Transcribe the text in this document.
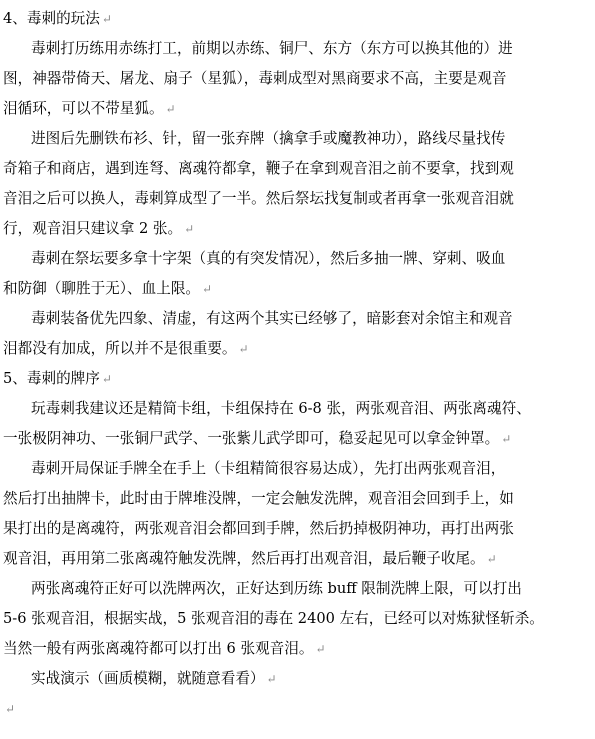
4、毒刺的玩法 ↵
毒刺打历练用赤练打工，前期以赤练、铜尸、东方（东方可以换其他的）进
图，神器带倚天、屠龙、扇子（星狐），毒刺成型对黑商要求不高，主要是观音
泪循环，可以不带星狐。 ↵
进图后先删铁布衫、针，留一张弃牌（擒拿手或魔教神功），路线尽量找传
奇箱子和商店，遇到连弩、离魂符都拿，鞭子在拿到观音泪之前不要拿，找到观
音泪之后可以换人，毒刺算成型了一半。然后祭坛找复制或者再拿一张观音泪就
行，观音泪只建议拿 2 张。 ↵
毒刺在祭坛要多拿十字架（真的有突发情况），然后多抽一牌、穿刺、吸血
和防御（聊胜于无）、血上限。 ↵
毒刺装备优先四象、清虚，有这两个其实已经够了，暗影套对余馆主和观音
泪都没有加成，所以并不是很重要。 ↵
5、毒刺的牌序 ↵
玩毒刺我建议还是精简卡组，卡组保持在 6-8 张，两张观音泪、两张离魂符、
一张极阴神功、一张铜尸武学、一张紫儿武学即可，稳妥起见可以拿金钟罩。 ↵
毒刺开局保证手牌全在手上（卡组精简很容易达成），先打出两张观音泪，
然后打出抽牌卡，此时由于牌堆没牌，一定会触发洗牌，观音泪会回到手上，如
果打出的是离魂符，两张观音泪会都回到手牌，然后扔掉极阴神功，再打出两张
观音泪，再用第二张离魂符触发洗牌，然后再打出观音泪，最后鞭子收尾。 ↵
两张离魂符正好可以洗牌两次，正好达到历练 buff 限制洗牌上限，可以打出
5-6 张观音泪，根据实战，5 张观音泪的毒在 2400 左右，已经可以对炼狱怪斩杀。
当然一般有两张离魂符都可以打出 6 张观音泪。 ↵
实战演示（画质模糊，就随意看看） ↵
↵
